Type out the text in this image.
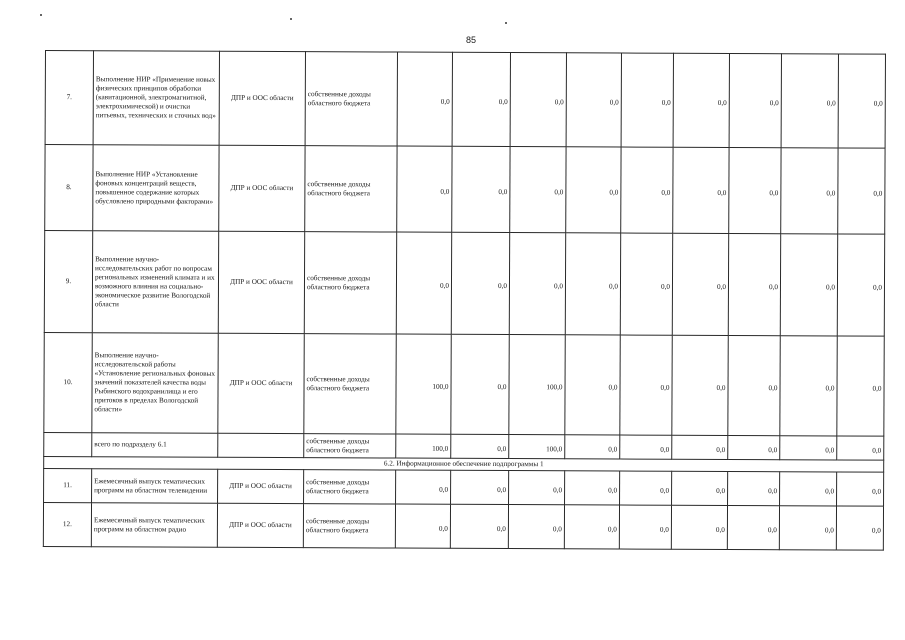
85
7.	Выполнение НИР «Применение новых физических принципов обработки (кавитационной, электромагнитной, электрохимической) и очистки питьевых, технических и сточных вод»	ДПР и ООС области	собственные доходы областного бюджета	0,0	0,0	0,0	0,0	0,0	0,0	0,0	0,0	0,0
8.	Выполнение НИР «Установление фоновых концентраций веществ, повышенное содержание которых обусловлено природными факторами»	ДПР и ООС области	собственные доходы областного бюджета	0,0	0,0	0,0	0,0	0,0	0,0	0,0	0,0	0,0
9.	Выполнение научно-исследовательских работ по вопросам региональных изменений климата и их возможного влияния на социально-экономическое развитие Вологодской области	ДПР и ООС области	собственные доходы областного бюджета	0,0	0,0	0,0	0,0	0,0	0,0	0,0	0,0	0,0
10.	Выполнение научно-исследовательской работы «Установление региональных фоновых значений показателей качества воды Рыбинского водохранилища и его притоков в пределах Вологодской области»	ДПР и ООС области	собственные доходы областного бюджета	100,0	0,0	100,0	0,0	0,0	0,0	0,0	0,0	0,0
	всего по подразделу 6.1		собственные доходы областного бюджета	100,0	0,0	100,0	0,0	0,0	0,0	0,0	0,0	0,0
6.2. Информационное обеспечение подпрограммы 1												
11.	Ежемесячный выпуск тематических программ на областном телевидении	ДПР и ООС области	собственные доходы областного бюджета	0,0	0,0	0,0	0,0	0,0	0,0	0,0	0,0	0,0
12.	Ежемесячный выпуск тематических программ на областном радио	ДПР и ООС области	собственные доходы областного бюджета	0,0	0,0	0,0	0,0	0,0	0,0	0,0	0,0	0,0
